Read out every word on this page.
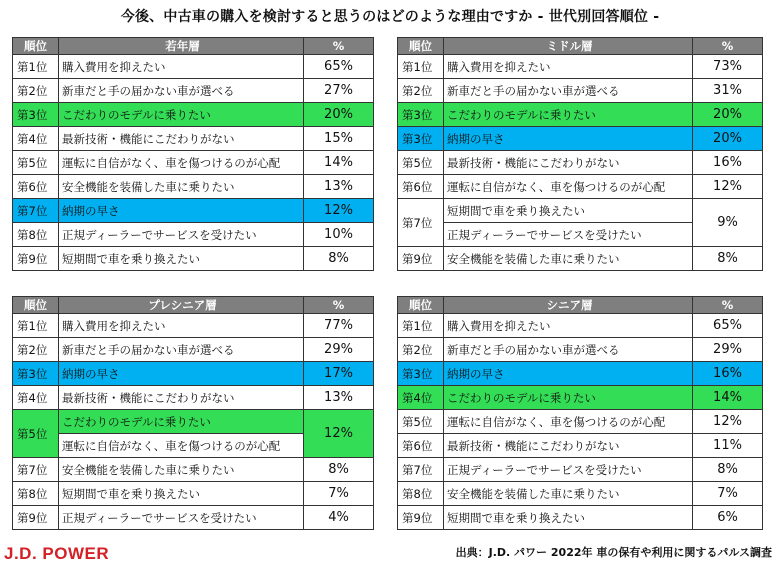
今後、中古車の購入を検討すると思うのはどのような理由ですか - 世代別回答順位 -
順位	若年層	%
第1位	購入費用を抑えたい	65%
第2位	新車だと手の届かない車が選べる	27%
第3位	こだわりのモデルに乗りたい	20%
第4位	最新技術・機能にこだわりがない	15%
第5位	運転に自信がなく、車を傷つけるのが心配	14%
第6位	安全機能を装備した車に乗りたい	13%
第7位	納期の早さ	12%
第8位	正規ディーラーでサービスを受けたい	10%
第9位	短期間で車を乗り換えたい	8%
順位	ミドル層	%
第1位	購入費用を抑えたい	73%
第2位	新車だと手の届かない車が選べる	31%
第3位	こだわりのモデルに乗りたい	20%
第3位	納期の早さ	20%
第5位	最新技術・機能にこだわりがない	16%
第6位	運転に自信がなく、車を傷つけるのが心配	12%
第7位	短期間で車を乗り換えたい	9%
	正規ディーラーでサービスを受けたい	
第9位	安全機能を装備した車に乗りたい	8%
順位	プレシニア層	%
第1位	購入費用を抑えたい	77%
第2位	新車だと手の届かない車が選べる	29%
第3位	納期の早さ	17%
第4位	最新技術・機能にこだわりがない	13%
第5位	こだわりのモデルに乗りたい	12%
	運転に自信がなく、車を傷つけるのが心配	
第7位	安全機能を装備した車に乗りたい	8%
第8位	短期間で車を乗り換えたい	7%
第9位	正規ディーラーでサービスを受けたい	4%
順位	シニア層	%
第1位	購入費用を抑えたい	65%
第2位	新車だと手の届かない車が選べる	29%
第3位	納期の早さ	16%
第4位	こだわりのモデルに乗りたい	14%
第5位	運転に自信がなく、車を傷つけるのが心配	12%
第6位	最新技術・機能にこだわりがない	11%
第7位	正規ディーラーでサービスを受けたい	8%
第8位	安全機能を装備した車に乗りたい	7%
第9位	短期間で車を乗り換えたい	6%
J.D. POWER	出典：J.D. パワー 2022年 車の保有や利用に関するパルス調査
